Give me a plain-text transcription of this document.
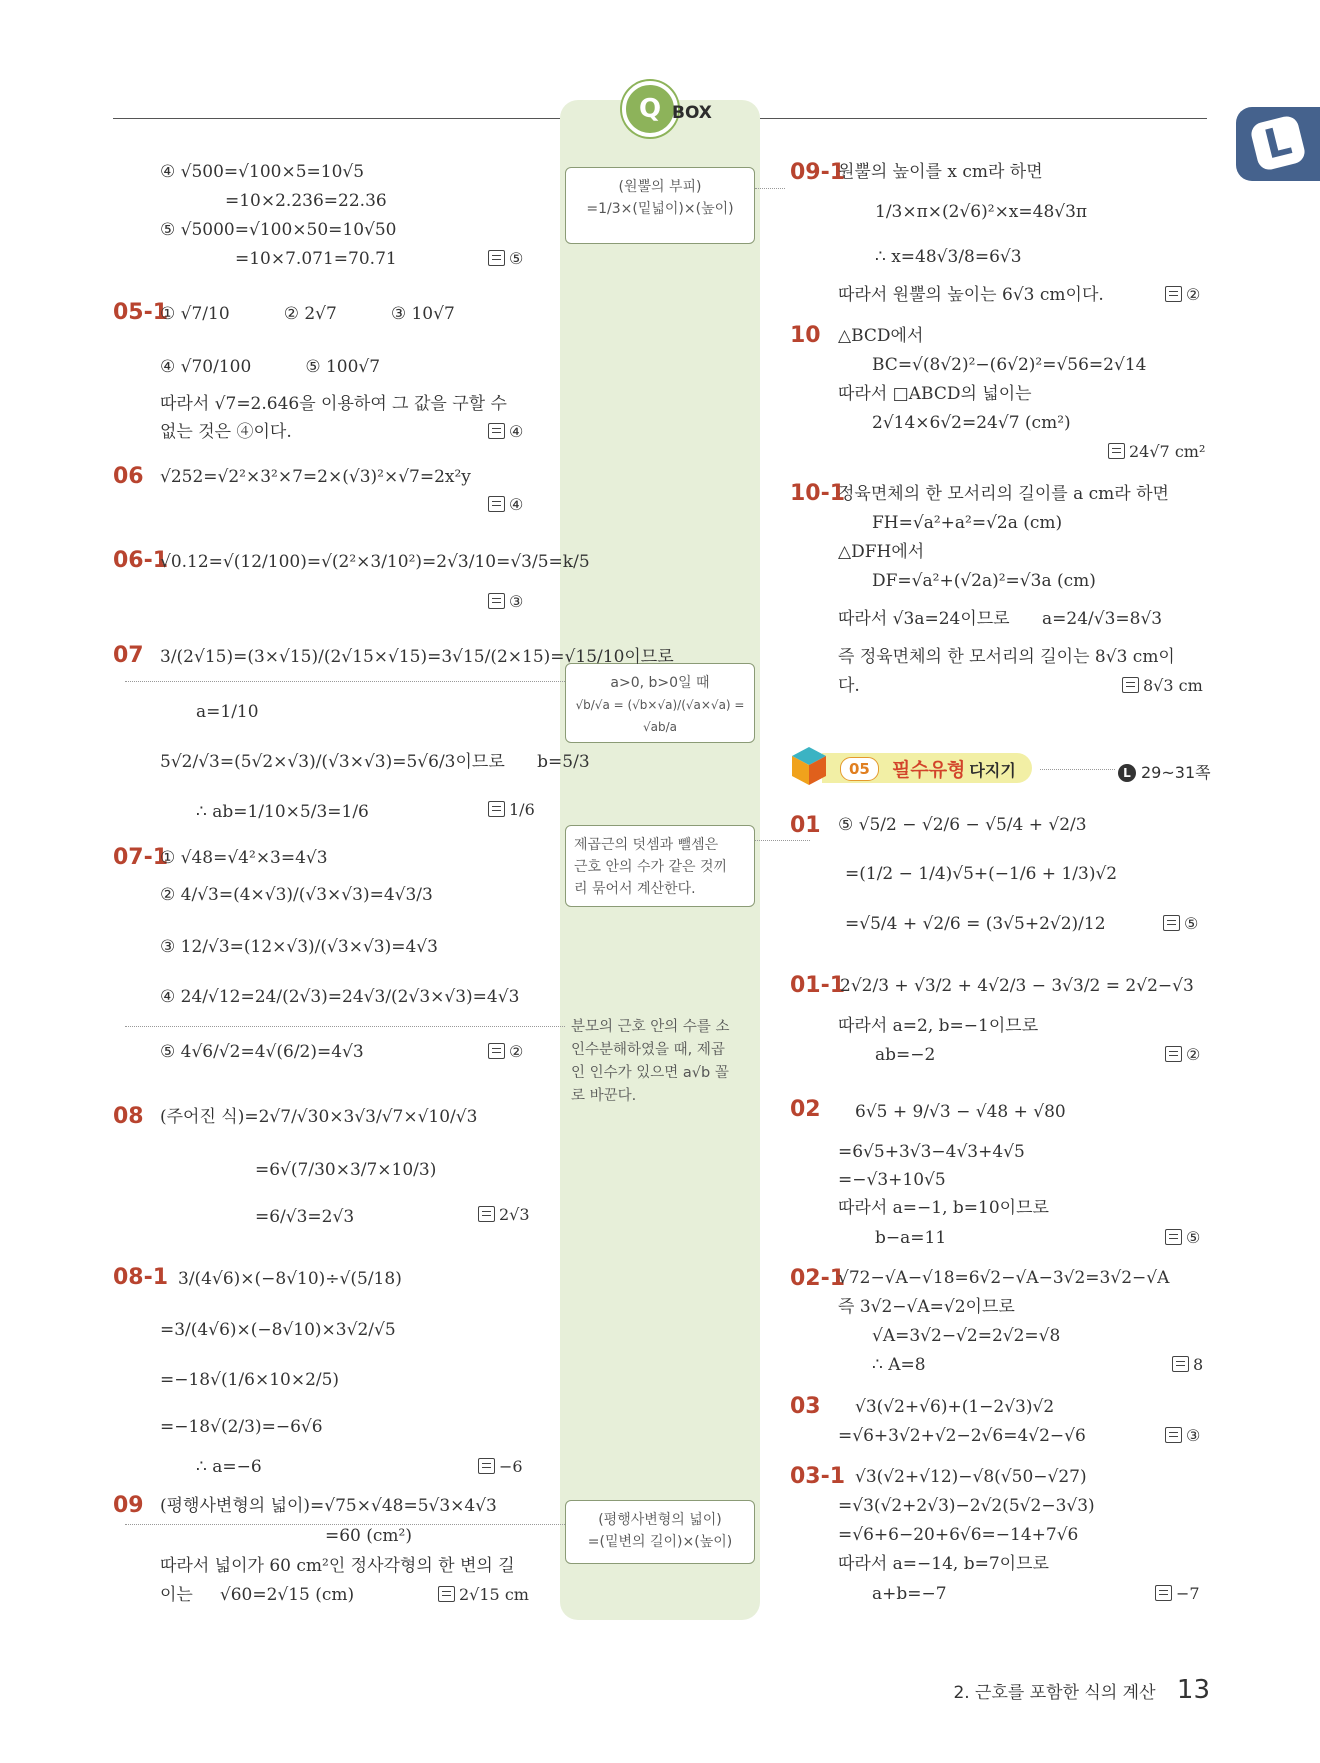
Q BOX
L
(원뿔의 부피)
=1/3×(밑넓이)×(높이)
a>0, b>0일 때
√b/√a = (√b×√a)/(√a×√a) = √ab/a
제곱근의 덧셈과 뺄셈은
근호 안의 수가 같은 것끼
리 묶어서 계산한다.
분모의 근호 안의 수를 소
인수분해하였을 때, 제곱
인 인수가 있으면 a√b 꼴
로 바꾼다.
(평행사변형의 넓이)
=(밑변의 길이)×(높이)
④ √500=√100×5=10√5
=10×2.236=22.36
⑤ √5000=√100×50=10√50
=10×7.071=70.71	⑤
05-1
① √7/10          ② 2√7          ③ 10√7
④ √70/100          ⑤ 100√7
따라서 √7=2.646을 이용하여 그 값을 구할 수
없는 것은 ④이다.	④
06 √252=√2²×3²×7=2×(√3)²×√7=2x²y
④
06-1
√0.12=√(12/100)=√(2²×3/10²)=2√3/10=√3/5=k/5
③
07 3/(2√15)=(3×√15)/(2√15×√15)=3√15/(2×15)=√15/10이므로
a=1/10
5√2/√3=(5√2×√3)/(√3×√3)=5√6/3이므로      b=5/3
∴ ab=1/10×5/3=1/6	1/6
07-1
① √48=√4²×3=4√3
② 4/√3=(4×√3)/(√3×√3)=4√3/3
③ 12/√3=(12×√3)/(√3×√3)=4√3
④ 24/√12=24/(2√3)=24√3/(2√3×√3)=4√3
⑤ 4√6/√2=4√(6/2)=4√3	②
08 (주어진 식)=2√7/√30×3√3/√7×√10/√3
=6√(7/30×3/7×10/3)
=6/√3=2√3	2√3
08-1 3/(4√6)×(−8√10)÷√(5/18)
=3/(4√6)×(−8√10)×3√2/√5
=−18√(1/6×10×2/5)
=−18√(2/3)=−6√6
∴ a=−6	−6
09 (평행사변형의 넓이)=√75×√48=5√3×4√3
=60 (cm²)
따라서 넓이가 60 cm²인 정사각형의 한 변의 길
이는     √60=2√15 (cm)	2√15 cm
09-1
원뿔의 높이를 x cm라 하면
1/3×π×(2√6)²×x=48√3π
∴ x=48√3/8=6√3
따라서 원뿔의 높이는 6√3 cm이다.	②
10 △BCD에서
BC=√(8√2)²−(6√2)²=√56=2√14
따라서 □ABCD의 넓이는
2√14×6√2=24√7 (cm²)
24√7 cm²
10-1
정육면체의 한 모서리의 길이를 a cm라 하면
FH=√a²+a²=√2a (cm)
△DFH에서
DF=√a²+(√2a)²=√3a (cm)
따라서 √3a=24이므로      a=24/√3=8√3
즉 정육면체의 한 모서리의 길이는 8√3 cm이
다.	8√3 cm
05	필수유형 다지기	L 29~31쪽
01 ⑤ √5/2 − √2/6 − √5/4 + √2/3
=(1/2 − 1/4)√5+(−1/6 + 1/3)√2
=√5/4 + √2/6 = (3√5+2√2)/12	⑤
01-1
2√2/3 + √3/2 + 4√2/3 − 3√3/2 = 2√2−√3
따라서 a=2, b=−1이므로
ab=−2	②
02 6√5 + 9/√3 − √48 + √80
=6√5+3√3−4√3+4√5
=−√3+10√5
따라서 a=−1, b=10이므로
b−a=11	⑤
02-1
√72−√A−√18=6√2−√A−3√2=3√2−√A
즉 3√2−√A=√2이므로
√A=3√2−√2=2√2=√8
∴ A=8	8
03 √3(√2+√6)+(1−2√3)√2
=√6+3√2+√2−2√6=4√2−√6	③
03-1 √3(√2+√12)−√8(√50−√27)
=√3(√2+2√3)−2√2(5√2−3√3)
=√6+6−20+6√6=−14+7√6
따라서 a=−14, b=7이므로
a+b=−7	−7
2. 근호를 포함한 식의 계산 13
